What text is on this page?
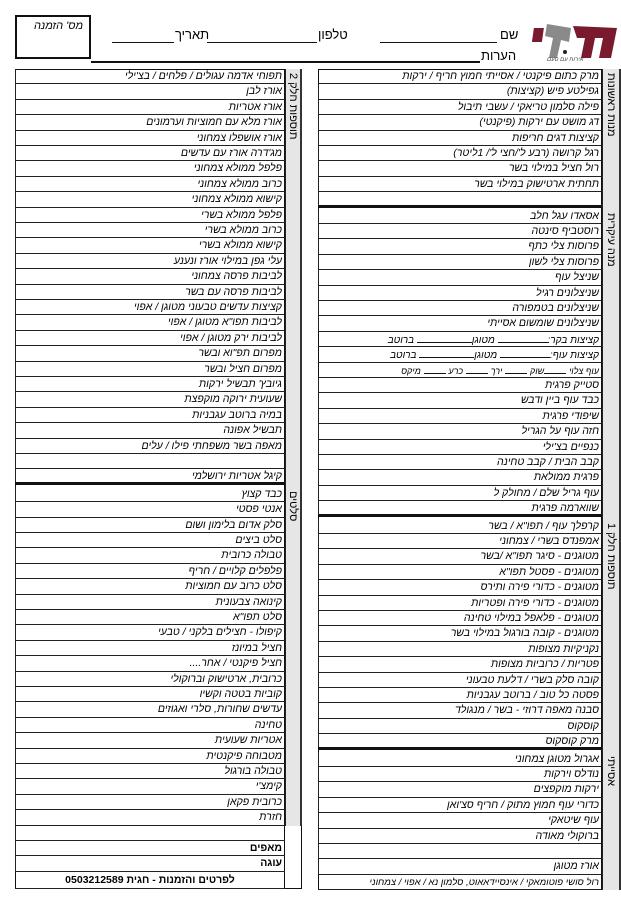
מס' הזמנה
שם
טלפון
תאריך
הערות	אירוח עם טעם
מרק כתום פיקנטי / אסייתי חמוץ חריף / ירקות
גפילטע פיש (קציצות)
פילה סלמון טריאקי / עשבי תיבול
דג מושט עם ירקות (פיקנטי)
קציצות דגים חריפות
רגל קרושה (רבע ל'/חצי ל'/ 1ליטר)
רול חציל במילוי בשר
תחתית ארטישוק במילוי בשר
מנות ראשונות
אסאדו עגל חלב
רוסטביף סינטה
פרוסות צלי כתף
פרוסות צלי לשון
שניצל עוף
שניצלונים רגיל
שניצלונים בטמפורה
שניצלונים שומשום אסייתי
קציצות בקר: מטוגן ברוטב
קציצות עוף: מטוגן ברוטב
עוף צלוי שוק  ירך  כרע  מיקס
סטייק פרגית
כבד עוף ביין ודבש
שיפודי פרגית
חזה עוף על הגריל
כנפיים בצ'ילי
קבב הבית / קבב טחינה
פרגית ממולאת
עוף גריל שלם / מחולק ל
שווארמה פרגית
מנה עיקרית
קרפלך עוף / תפו"א / בשר
אמפנדס בשרי / צמחוני
מטוגנים - סיגר תפו"א /בשר
מטוגנים - פסטל תפו"א
מטוגנים - כדורי פירה ותירס
מטוגנים - כדורי פירה ופטריות
מטוגנים - פלאפל במילוי טחינה
מטוגנים - קובה בורגול במילוי בשר
נקניקיות מצופות
פטריות / כרוביות מצופות
קובה סלק בשרי / דלעת טבעוני
פסטה כל טוב / ברוטב עגבניות
סבנה מאפה דרוזי - בשר / מנגולד
קוסקוס
מרק קוסקוס
תוספות חלק 1
אגרול מטוגן צמחוני
נודלס וירקות
ירקות מוקפצים
כדורי עוף חמוץ מתוק / חריף סצ'ואן
עוף שיטאקי
ברוקולי מאודה
אורז מטוגן
רול סושי פוטומאקי / אינסיידאאוט, סלמון נא / אפוי / צמחוני
אסייתי
תפוחי אדמה עגולים / פלחים / בצ'ילי
אורז לבן
אורז אטריות
אורז מלא עם חמוציות וערמונים
אורז אושפלו צמחוני
מג'דרה אורז עם עדשים
פלפל ממולא צמחוני
כרוב ממולא צמחוני
קישוא ממולא צמחוני
פלפל ממולא בשרי
כרוב ממולא בשרי
קישוא ממולא בשרי
עלי גפן במילוי אורז ונענע
לביבות פרסה צמחוני
לביבות פרסה עם בשר
קציצות עדשים טבעוני מטוגן / אפוי
לביבות תפו"א מטוגן / אפוי
לביבות ירק מטוגן / אפוי
מפרום תפ"וא ובשר
מפרום חציל ובשר
גיובץ' תבשיל ירקות
שעועית ירוקה מוקפצת
במיה ברוטב עגבניות
תבשיל אפונה
מאפה בשר משפחתי פילו / עלים
קיגל אטריות ירושלמי
תוספות חלק 2
כבד קצוץ
אנטי פסטי
סלק אדום בלימון ושום
סלט ביצים
טבולה כרובית
פלפלים קלויים / חריף
סלט כרוב עם חמוציות
קינואה צבעונית
סלט תפו"א
קיפולו - חצילים בלקני / טבעי
חציל במיונז
חציל פיקנטי / אחר....
כרובית, ארטישוק וברוקולי
קוביות בטטה וקשיו
עדשים שחורות, סלרי ואגוזים
טחינה
אטריות שעועית
מטבוחה פיקנטית
טבולה בורגול
קימצ'י
כרובית פקאן
חזרת
סלטים
מאפים
עוגה
לפרטים והזמנות - חגית 0503212589
